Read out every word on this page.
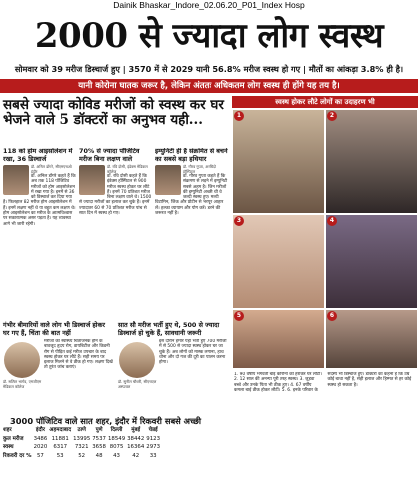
Dainik Bhaskar_Indore_02.06.20_P01_Index Hosp
2000 से ज्यादा लोग स्वस्थ
सोमवार को 39 मरीज डिस्चार्ज हुए | 3570 में से 2029 यानी 56.8% मरीज स्वस्थ हो गए | मौतों का आंकड़ा 3.8% ही है।
यानी कोरोना घातक जरूर है, लेकिन अंततः अधिकतम लोग स्वस्थ ही होंगे यह तय है।
सबसे ज्यादा कोविड मरीजों को स्वस्थ कर घर भेजने वाले 5 डॉक्टरों का अनुभव यही...
118 को होम आइसोलेशन में रखा, 36 डिस्चार्ज
डॉ. अनिल डोंगरे, सीएमएचओ इंदौर
डॉ. अनिल डोंगरे कहते हैं कि अब तक 118 पॉजिटिव मरीजों को होम आइसोलेशन में रखा गया है। इनमें से 36 को डिस्चार्ज कर दिया गया है। फिलहाल 82 मरीज होम आइसोलेशन में हैं। इनमें लक्षण नहीं थे या बहुत कम लक्षण थे। होम आइसोलेशन का मरीज के आत्मविश्वास पर सकारात्मक असर पड़ता है। यह व्यवस्था आगे भी जारी रहेगी।
70% से ज्यादा पॉजिटिव मरीज बिना लक्षण वाले
डॉ. रवि दोसी, इंडेक्स मेडिकल कॉलेज
डॉ. रवि दोसी कहते हैं कि इंडेक्स हॉस्पिटल से 900 मरीज स्वस्थ होकर घर लौटे हैं। इनमें 70 प्रतिशत मरीज बिना लक्षण वाले थे। 1500 से ज्यादा मरीजों का इलाज कर चुके हैं। इनमें ज्यादातर 60 से 70 प्रतिशत मरीज पांच से सात दिन में स्वस्थ हो गए।
इम्युनिटी ही है संक्रमित से बचने का सबसे बड़ा हथियार
डॉ. गौरव गुप्ता, अरबिंदो हॉस्पिटल
डॉ. गौरव गुप्ता कहते हैं कि संक्रमण से लड़ने में इम्युनिटी सबसे अहम है। जिन मरीजों की इम्युनिटी अच्छी थी वे जल्दी स्वस्थ हुए। मल्टी विटामिन, जिंक और प्रोटीन से भरपूर आहार लें। हल्का व्यायाम और योग करें। डरने की जरूरत नहीं है।
गंभीर बीमारियों वाले लोग भी डिस्चार्ज होकर घर गए हैं, चिंता की बात नहीं
डॉ. सलिल भार्गव, एमजीएम मेडिकल कॉलेज
मरीजों का स्वास्थ्य चिंताजनक होने के बावजूद हृदय रोग, डायबिटीज और किडनी रोग से पीड़ित कई मरीज उपचार के बाद स्वस्थ होकर घर लौटे हैं। सही समय पर इलाज मिलने से वे ठीक हो गए। लक्षण दिखें तो तुरंत जांच कराएं।
सात सौ मरीज भर्ती हुए थे, 500 से ज्यादा डिस्चार्ज हो चुके हैं, सावधानी जरूरी
डॉ. सुनील चौधरी, सीएचएल अस्पताल
इस दौरान हमारे यहां भर्ती हुए 700 मरीजों में से 500 से ज्यादा स्वस्थ होकर घर जा चुके हैं। अब लोगों को मास्क लगाना, हाथ धोना और दो गज की दूरी का पालन करना होगा।
स्वस्थ होकर लौटे लोगों का उदाहरण भी
1	2
3	4
5	6
1. 90 वर्षीय भगवती बाई कोरोना को हराकर घर लौटीं। 2. 12 साल की अनन्या पूरी तरह स्वस्थ। 3. जुड़वा बच्चे और उनके पिता भी ठीक हुए। 4. 67 वर्षीय कमला बाई ठीक होकर लौटीं। 5. 6. इनके परिवार के सदस्य भी डिस्चार्ज हुए। डॉक्टरों का कहना है कि उम्र कोई बाधा नहीं है, सही इलाज और हिम्मत से हर कोई स्वस्थ हो सकता है।
3000 पॉजिटिव वाले सात शहर, इंदौर में रिकवरी सबसे अच्छी
शहर	इंदौर	अहमदाबाद	ठाणे	पुणे	दिल्ली	मुंबई	चेन्नई
कुल मरीज	3486	11881	13995	7537	18549	38442	9123
स्वस्थ	2020	6317	7321	3658	8075	16364	2973
रिकवरी दर %	57	53	52	48	43	42	33
